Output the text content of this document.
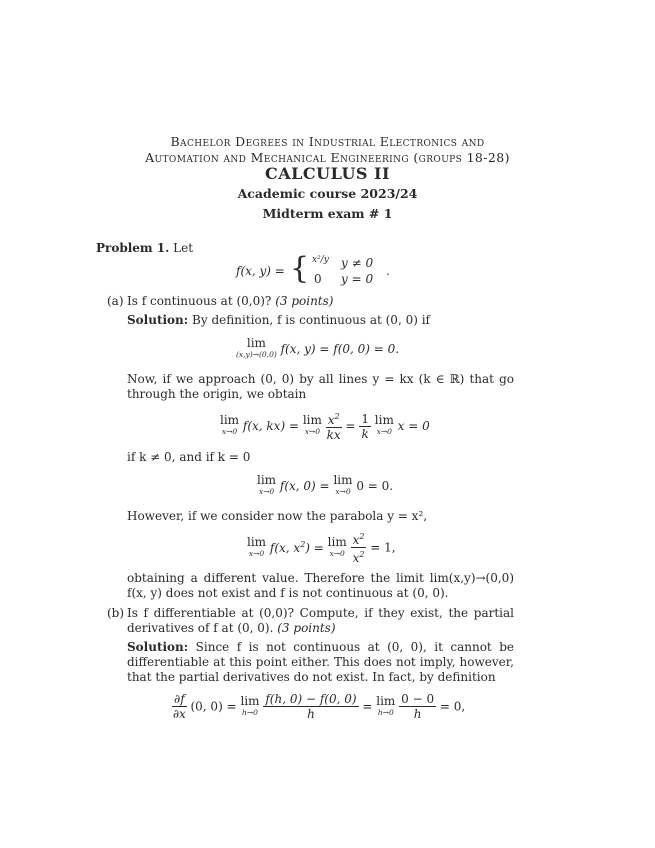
Bachelor Degrees in Industrial Electronics and
Automation and Mechanical Engineering (groups 18-28)
CALCULUS II
Academic course 2023/24
Midterm exam # 1
Problem 1. Let
f(x, y) = { x²/y y ≠ 0
0 y = 0
.
(a) Is f continuous at (0,0)? (3 points)
Solution: By definition, f is continuous at (0, 0) if
lim
(x,y)→(0,0) f(x, y) = f(0, 0) = 0.
Now, if we approach (0, 0) by all lines y = kx (k ∈ ℝ) that go through the origin, we obtain
lim
x→0 f(x, kx) = lim
x→0
$\frac{x^2}{kx} = \frac{1}{k}$ lim
x→0 x = 0
if k ≠ 0, and if k = 0
lim
x→0 f(x, 0) = lim
x→0 0 = 0.
However, if we consider now the parabola y = x²,
lim
x→0 f(x, $x^2) = \lim$
x→0
$\frac{x^2}{x^2} = 1$,
obtaining a different value. Therefore the limit lim(x,y)→(0,0) f(x, y) does not exist and f is not continuous at (0, 0).
(b) Is f differentiable at (0,0)? Compute, if they exist, the partial derivatives of f at (0, 0). (3 points)
Solution: Since f is not continuous at (0, 0), it cannot be differentiable at this point either. This does not imply, however, that the partial derivatives do not exist. In fact, by definition
$\frac{\partial f}{\partial x} (0$, 0) = lim
h→0
$\frac{f(h, 0) - f(0, 0)}{h} = \lim$
h→0
$\frac{0 - 0}{h} = 0$,
